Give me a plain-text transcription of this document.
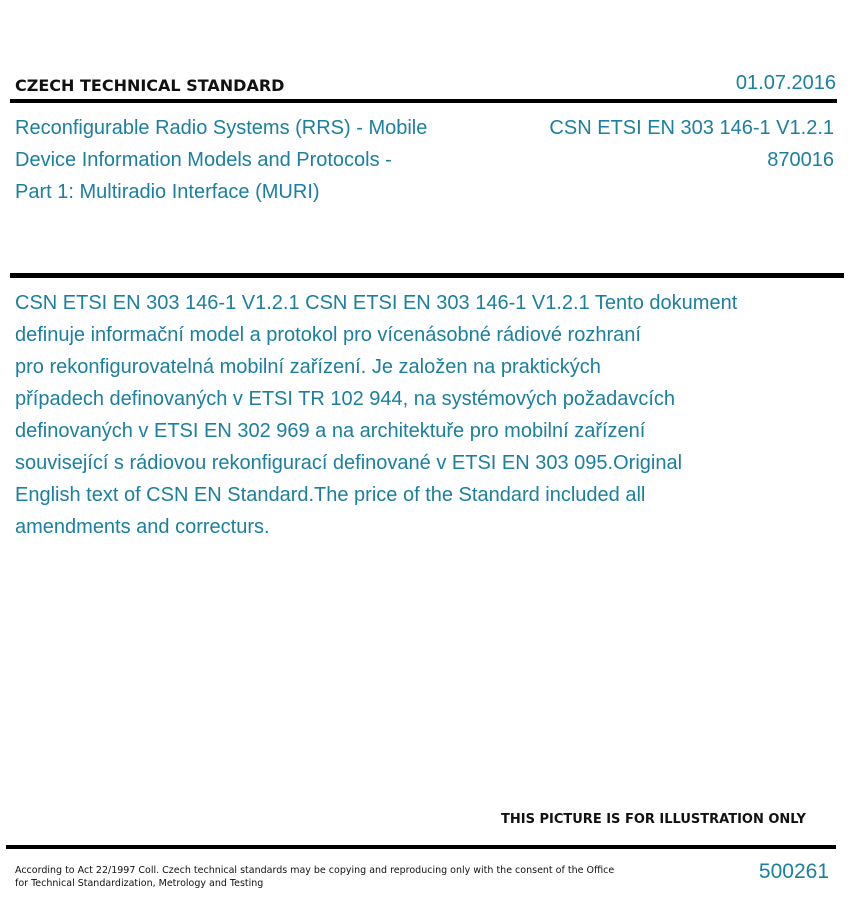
CZECH TECHNICAL STANDARD	01.07.2016
Reconfigurable Radio Systems (RRS) - Mobile
Device Information Models and Protocols -
Part 1: Multiradio Interface (MURI)
CSN ETSI EN 303 146-1 V1.2.1
870016
CSN ETSI EN 303 146-1 V1.2.1 CSN ETSI EN 303 146-1 V1.2.1 Tento dokument
definuje informační model a protokol pro vícenásobné rádiové rozhraní
pro rekonfigurovatelná mobilní zařízení. Je založen na praktických
případech definovaných v ETSI TR 102 944, na systémových požadavcích
definovaných v ETSI EN 302 969 a na architektuře pro mobilní zařízení
související s rádiovou rekonfigurací definované v ETSI EN 303 095.Original
English text of CSN EN Standard.The price of the Standard included all
amendments and correcturs.
THIS PICTURE IS FOR ILLUSTRATION ONLY
According to Act 22/1997 Coll. Czech technical standards may be copying and reproducing only with the consent of the Office
for Technical Standardization, Metrology and Testing
500261
